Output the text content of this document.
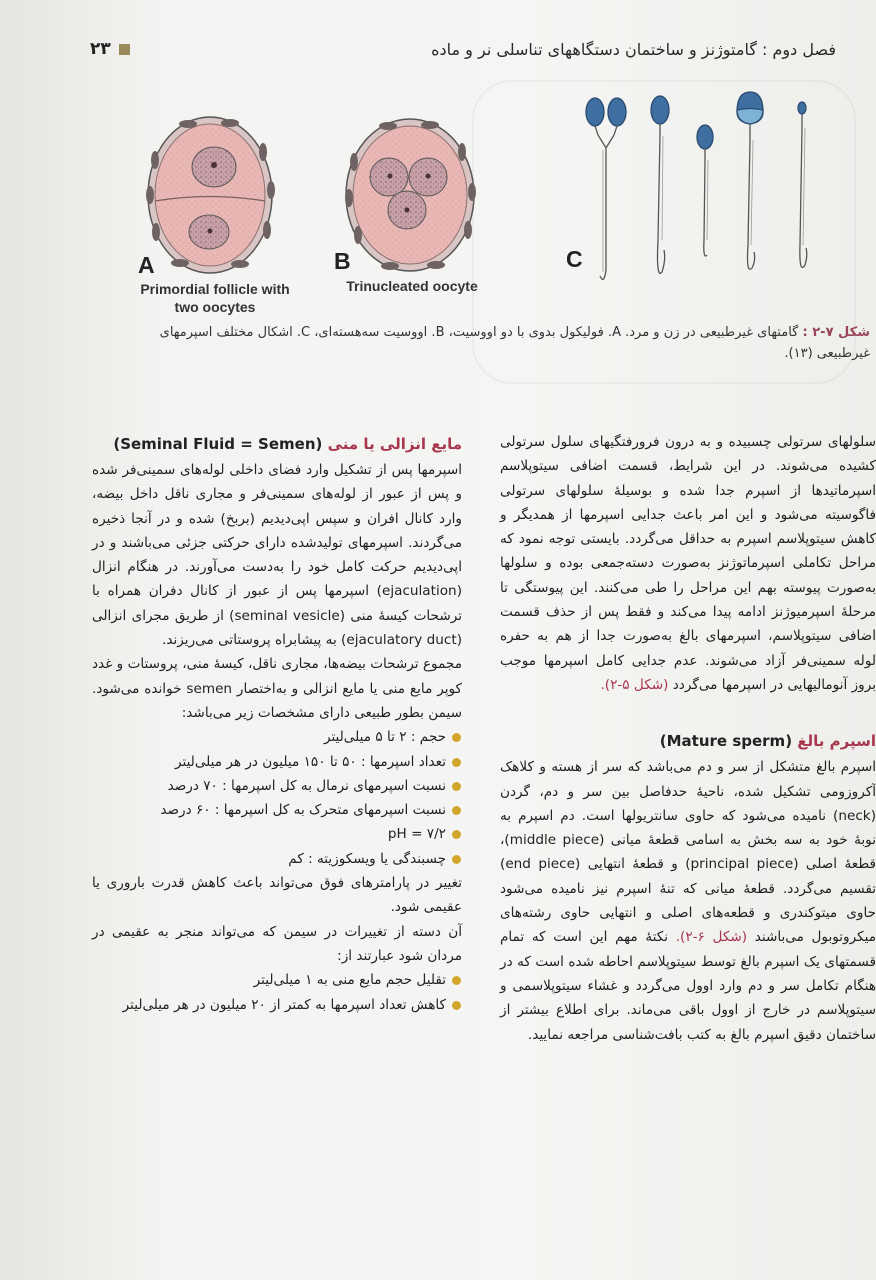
فصل دوم : گامتوژنز و ساختمان دستگاههای تناسلی نر و ماده
۲۳
A	B	C
Primordial follicle with
two oocytes
Trinucleated oocyte
شکل ۷-۲ : گامتهای غیرطبیعی در زن و مرد. A. فولیکول بدوی با دو اووسیت، B. اووسیت سه‌هسته‌ای، C. اشکال مختلف اسپرمهای غیرطبیعی (۱۳).

سلولهای سرتولی چسبیده و به درون فرورفتگیهای سلول سرتولی کشیده می‌شوند. در این شرایط، قسمت اضافی سیتوپلاسم اسپرماتیدها از اسپرم جدا شده و بوسیلهٔ سلولهای سرتولی فاگوسیته می‌شود و این امر باعث جدایی اسپرمها از همدیگر و کاهش سیتوپلاسم اسپرم به حداقل می‌گردد. بایستی توجه نمود که مراحل تکاملی اسپرماتوژنز به‌صورت دسته‌جمعی بوده و سلولها به‌صورت پیوسته بهم این مراحل را طی می‌کنند. این پیوستگی تا مرحلهٔ اسپرمیوژنز ادامه پیدا می‌کند و فقط پس از حذف قسمت اضافی سیتوپلاسم، اسپرمهای بالغ به‌صورت جدا از هم به حفره لوله سمینی‌فر آزاد می‌شوند. عدم جدایی کامل اسپرمها موجب بروز آنومالیهایی در اسپرمها می‌گردد (شکل ۵-۲).

اسپرم بالغ (Mature sperm)

اسپرم بالغ متشکل از سر و دم می‌باشد که سر از هسته و کلاهک آکروزومی تشکیل شده، ناحیهٔ حدفاصل بین سر و دم، گردن (neck) نامیده می‌شود که حاوی سانتریولها است. دم اسپرم به نوبهٔ خود به سه بخش به اسامی قطعهٔ میانی (middle piece)، قطعهٔ اصلی (principal piece) و قطعهٔ انتهایی (end piece) تقسیم می‌گردد. قطعهٔ میانی که تنهٔ اسپرم نیز نامیده می‌شود حاوی میتوکندری و قطعه‌های اصلی و انتهایی حاوی رشته‌های میکروتوبول می‌باشند (شکل ۶-۲). نکتهٔ مهم این است که تمام قسمتهای یک اسپرم بالغ توسط سیتوپلاسم احاطه شده است که در هنگام تکامل سر و دم وارد اوول می‌گردد و غشاء سیتوپلاسمی و سیتوپلاسم در خارج از اوول باقی می‌ماند. برای اطلاع بیشتر از ساختمان دقیق اسپرم بالغ به کتب بافت‌شناسی مراجعه نمایید.

مایع انزالی یا منی (Seminal Fluid = Semen)

اسپرمها پس از تشکیل وارد فضای داخلی لوله‌های سمینی‌فر شده و پس از عبور از لوله‌های سمینی‌فر و مجاری ناقل داخل بیضه، وارد کانال افران و سپس اپی‌دیدیم (بربخ) شده و در آنجا ذخیره می‌گردند. اسپرمهای تولیدشده دارای حرکتی جزئی می‌باشند و در اپی‌دیدیم حرکت کامل خود را به‌دست می‌آورند. در هنگام انزال (ejaculation) اسپرمها پس از عبور از کانال دفران همراه با ترشحات کیسهٔ منی (seminal vesicle) از طریق مجرای انزالی (ejaculatory duct) به پیشابراه پروستاتی می‌ریزند.

مجموع ترشحات بیضه‌ها، مجاری ناقل، کیسهٔ منی، پروستات و غدد کوپر مایع منی یا مایع انزالی و به‌اختصار semen خوانده می‌شود. سیمن بطور طبیعی دارای مشخصات زیر می‌باشد:

حجم : ۲ تا ۵ میلی‌لیتر
تعداد اسپرمها : ۵۰ تا ۱۵۰ میلیون در هر میلی‌لیتر
نسبت اسپرمهای نرمال به کل اسپرمها : ۷۰ درصد
نسبت اسپرمهای متحرک به کل اسپرمها : ۶۰ درصد
pH = ۷/۲
چسبندگی یا ویسکوزیته : کم

تغییر در پارامترهای فوق می‌تواند باعث کاهش قدرت باروری یا عقیمی شود.

آن دسته از تغییرات در سیمن که می‌تواند منجر به عقیمی در مردان شود عبارتند از:

تقلیل حجم مایع منی به ۱ میلی‌لیتر
کاهش تعداد اسپرمها به کمتر از ۲۰ میلیون در هر میلی‌لیتر
